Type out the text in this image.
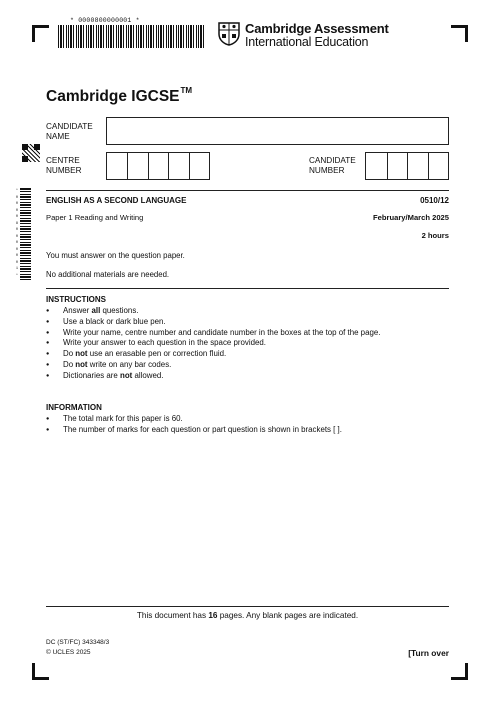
* 0000800000001 *
Cambridge Assessment
International Education
Cambridge IGCSE™
CANDIDATE
NAME
CENTRE
NUMBER
CANDIDATE
NUMBER
* 0 0 0 0 8 0 0 0 0 0 0 1 *
ENGLISH AS A SECOND LANGUAGE	0510/12
Paper 1 Reading and Writing	February/March 2025
2 hours
You must answer on the question paper.
No additional materials are needed.
INSTRUCTIONS
● Answer all questions.
● Use a black or dark blue pen.
● Write your name, centre number and candidate number in the boxes at the top of the page.
● Write your answer to each question in the space provided.
● Do not use an erasable pen or correction fluid.
● Do not write on any bar codes.
● Dictionaries are not allowed.
INFORMATION
● The total mark for this paper is 60.
● The number of marks for each question or part question is shown in brackets [ ].
This document has 16 pages. Any blank pages are indicated.
DC (ST/FC) 343348/3
© UCLES 2025	[Turn over
